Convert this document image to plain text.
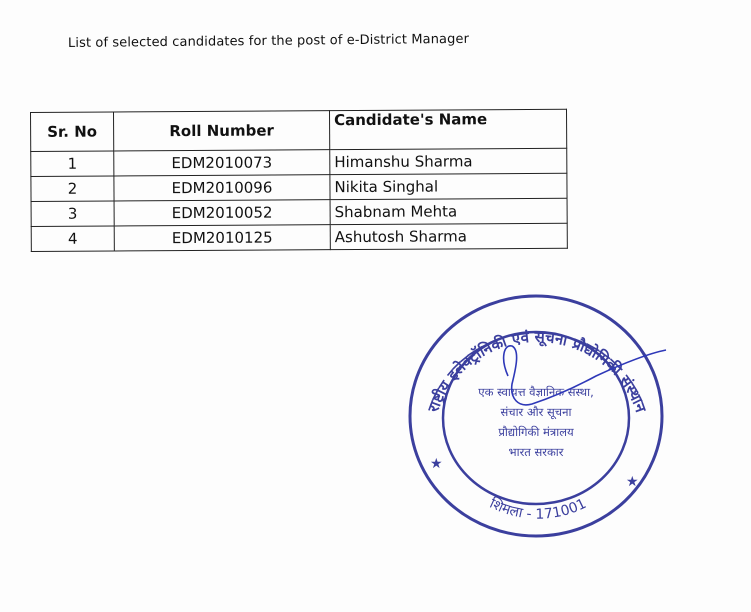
List of selected candidates for the post of e-District Manager
Sr. No	Roll Number	Candidate's Name
1	EDM2010073	Himanshu Sharma
2	EDM2010096	Nikita Singhal
3	EDM2010052	Shabnam Mehta
4	EDM2010125	Ashutosh Sharma
राष्ट्रीय इलेक्ट्रॉनिकी एवं सूचना प्रौद्योगिकी संस्थान
शिमला - 171001
एक स्वायत्त वैज्ञानिक संस्था,
संचार और सूचना
प्रौद्योगिकी मंत्रालय
भारत सरकार
★
★
